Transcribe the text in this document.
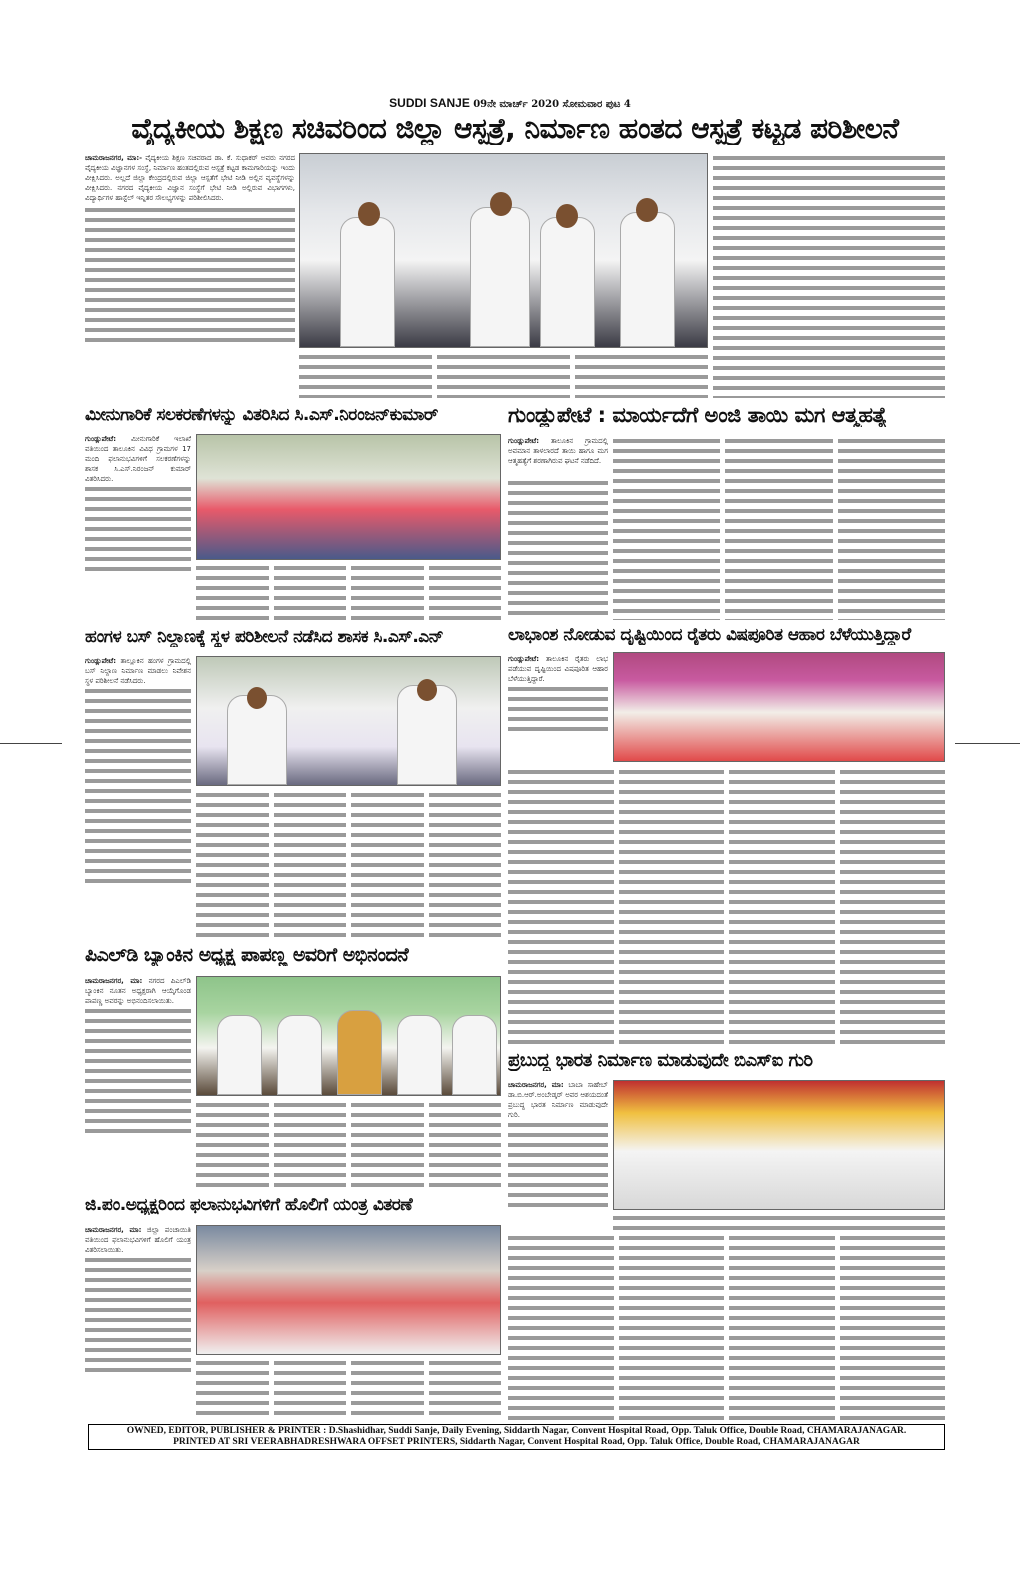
SUDDI SANJE 09ನೇ ಮಾರ್ಚ್ 2020 ಸೋಮವಾರ ಪುಟ 4
ವೈದ್ಯಕೀಯ ಶಿಕ್ಷಣ ಸಚಿವರಿಂದ ಜಿಲ್ಲಾ ಆಸ್ಪತ್ರೆ, ನಿರ್ಮಾಣ ಹಂತದ ಆಸ್ಪತ್ರೆ ಕಟ್ಟಡ ಪರಿಶೀಲನೆ
ಚಾಮರಾಜನಗರ, ಮಾ:- ವೈದ್ಯಕೀಯ ಶಿಕ್ಷಣ ಸಚಿವರಾದ ಡಾ. ಕೆ. ಸುಧಾಕರ್ ಅವರು ನಗರದ ವೈದ್ಯಕೀಯ ವಿಜ್ಞಾನಗಳ ಸಂಸ್ಥೆ, ನಿರ್ಮಾಣ ಹಂತದಲ್ಲಿರುವ ಆಸ್ಪತ್ರೆ ಕಟ್ಟಡ ಕಾಮಗಾರಿಯನ್ನು ಇಂದು ವೀಕ್ಷಿಸಿದರು. ಅಲ್ಲದೆ ಜಿಲ್ಲಾ ಕೇಂದ್ರದಲ್ಲಿರುವ ಜಿಲ್ಲಾ ಆಸ್ಪತೆಗೆ ಭೇಟಿ ನೀಡಿ ಅಲ್ಲಿನ ವ್ಯವಸ್ಥೆಗಳನ್ನು ವೀಕ್ಷಿಸಿದರು. ನಗರದ ವೈದ್ಯಕೀಯ ವಿಜ್ಞಾನ ಸಂಸ್ಥೆಗೆ ಭೇಟಿ ನೀಡಿ ಅಲ್ಲಿರುವ ವಿಭಾಗಗಳು, ವಿದ್ಯಾರ್ಥಿಗಳ ಹಾಸ್ಟೆಲ್ ಇನ್ನಿತರ ಸೌಲಭ್ಯಗಳನ್ನು ಪರಿಶೀಲಿಸಿದರು.
ಮೀನುಗಾರಿಕೆ ಸಲಕರಣೆಗಳನ್ನು ವಿತರಿಸಿದ ಸಿ.ಎಸ್.ನಿರಂಜನ್‌ಕುಮಾರ್
ಗುಂಡ್ಲುಪೇಟೆ: ಮೀನುಗಾರಿಕೆ ಇಲಾಖೆ ವತಿಯಿಂದ ತಾಲೂಕಿನ ವಿವಿಧ ಗ್ರಾಮಗಳ 17 ಮಂದಿ ಫಲಾನುಭವಿಗಳಿಗೆ ಸಲಕರಣೆಗಳನ್ನು ಶಾಸಕ ಸಿ.ಎಸ್.ನಿರಂಜನ್ ಕುಮಾರ್ ವಿತರಿಸಿದರು.
ಗುಂಡ್ಲುಪೇಟೆ : ಮಾರ್ಯದೆಗೆ ಅಂಜಿ ತಾಯಿ ಮಗ ಆತ್ಮಹತ್ಯೆ
ಗುಂಡ್ಲುಪೇಟೆ: ತಾಲೂಕಿನ ಗ್ರಾಮದಲ್ಲಿ ಅವಮಾನ ತಾಳಲಾರದೆ ತಾಯಿ ಹಾಗೂ ಮಗ ಆತ್ಮಹತ್ಯೆಗೆ ಶರಣಾಗಿರುವ ಘಟನೆ ನಡೆದಿದೆ.
ಹಂಗಳ ಬಸ್ ನಿಲ್ದಾಣಕ್ಕೆ ಸ್ಥಳ ಪರಿಶೀಲನೆ ನಡೆಸಿದ ಶಾಸಕ ಸಿ.ಎಸ್.ಎನ್
ಗುಂಡ್ಲುಪೇಟೆ: ತಾಲ್ಲೂಕಿನ ಹಂಗಳ ಗ್ರಾಮದಲ್ಲಿ ಬಸ್ ನಿಲ್ದಾಣ ನಿರ್ಮಾಣ ಮಾಡಲು ನಿವೇಶನ ಸ್ಥಳ ಪರಿಶೀಲನೆ ನಡೆಸಿದರು.
ಲಾಭಾಂಶ ನೋಡುವ ದೃಷ್ಟಿಯಿಂದ ರೈತರು ವಿಷಪೂರಿತ ಆಹಾರ ಬೆಳೆಯುತ್ತಿದ್ದಾರೆ
ಗುಂಡ್ಲುಪೇಟೆ: ತಾಲೂಕಿನ ರೈತರು ಲಾಭ ಪಡೆಯುವ ದೃಷ್ಟಿಯಿಂದ ವಿಷಪೂರಿತ ಆಹಾರ ಬೆಳೆಯುತ್ತಿದ್ದಾರೆ.
ಪಿಎಲ್‌ಡಿ ಬ್ಯಾಂಕಿನ ಅಧ್ಯಕ್ಷ ಪಾಪಣ್ಣ ಅವರಿಗೆ ಅಭಿನಂದನೆ
ಚಾಮರಾಜನಗರ, ಮಾ: ನಗರದ ಪಿಎಲ್‌ಡಿ ಬ್ಯಾಂಕಿನ ನೂತನ ಅಧ್ಯಕ್ಷರಾಗಿ ಆಯ್ಕೆಗೊಂಡ ಪಾಪಣ್ಣ ಅವರನ್ನು ಅಭಿನಂದಿಸಲಾಯಿತು.
ಪ್ರಬುದ್ಧ ಭಾರತ ನಿರ್ಮಾಣ ಮಾಡುವುದೇ ಬಿಎಸ್‌ಐ ಗುರಿ
ಚಾಮರಾಜನಗರ, ಮಾ: ಬಾಬಾ ಸಾಹೇಬ್ ಡಾ.ಬಿ.ಆರ್.ಅಂಬೇಡ್ಕರ್ ಅವರ ಆಶಯದಂತೆ ಪ್ರಬುದ್ಧ ಭಾರತ ನಿರ್ಮಾಣ ಮಾಡುವುದೇ ಗುರಿ.
ಜಿ.ಪಂ.ಅಧ್ಯಕ್ಷರಿಂದ ಫಲಾನುಭವಿಗಳಿಗೆ ಹೊಲಿಗೆ ಯಂತ್ರ ವಿತರಣೆ
ಚಾಮರಾಜನಗರ, ಮಾ: ಜಿಲ್ಲಾ ಪಂಚಾಯಿತಿ ವತಿಯಿಂದ ಫಲಾನುಭವಿಗಳಿಗೆ ಹೊಲಿಗೆ ಯಂತ್ರ ವಿತರಿಸಲಾಯಿತು.
OWNED, EDITOR, PUBLISHER & PRINTER : D.Shashidhar, Suddi Sanje, Daily Evening, Siddarth Nagar, Convent Hospital Road, Opp. Taluk Office, Double Road, CHAMARAJANAGAR.
PRINTED AT SRI VEERABHADRESHWARA OFFSET PRINTERS, Siddarth Nagar, Convent Hospital Road, Opp. Taluk Office, Double Road, CHAMARAJANAGAR
